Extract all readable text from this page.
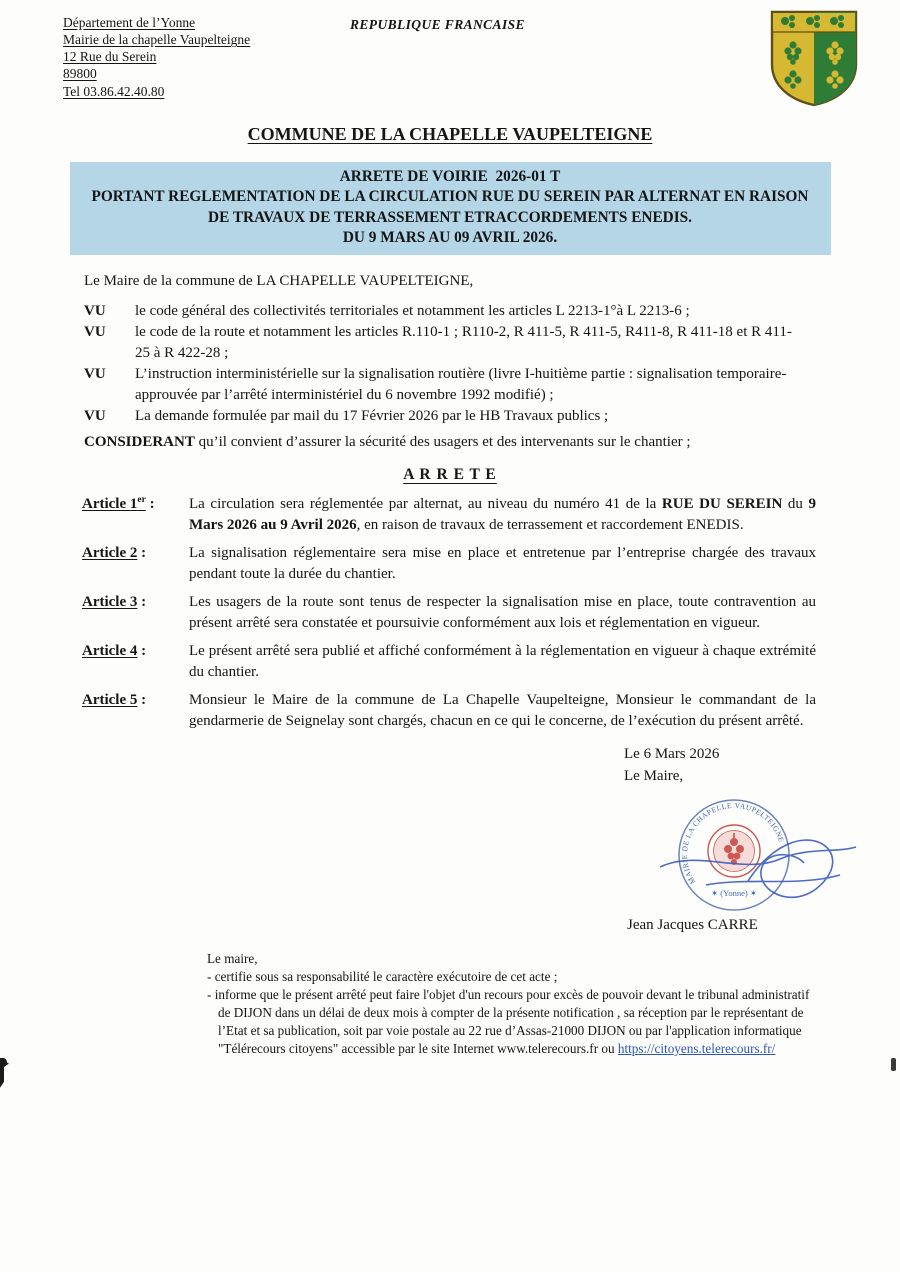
Département de l’Yonne
Mairie de la chapelle Vaupelteigne
12 Rue du Serein
89800
Tel 03.86.42.40.80
REPUBLIQUE FRANCAISE
COMMUNE DE LA CHAPELLE VAUPELTEIGNE
ARRETE DE VOIRIE  2026-01 T
PORTANT REGLEMENTATION DE LA CIRCULATION RUE DU SEREIN PAR ALTERNAT EN RAISON DE TRAVAUX DE TERRASSEMENT ETRACCORDEMENTS ENEDIS.
DU 9 MARS AU 09 AVRIL 2026.

Le Maire de la commune de LA CHAPELLE VAUPELTEIGNE,

VU	le code général des collectivités territoriales et notamment les articles L 2213-1°à L 2213-6 ;
VU	le code de la route et notamment les articles R.110-1 ; R110-2, R 411-5, R 411-5, R411-8, R 411-18 et R 411-25 à R 422-28 ;
VU	L’instruction interministérielle sur la signalisation routière (livre I-huitième partie : signalisation temporaire-approuvée par l’arrêté interministériel du 6 novembre 1992 modifié) ;
VU	La demande formulée par mail du 17 Février 2026 par le HB Travaux publics ;

CONSIDERANT qu’il convient d’assurer la sécurité des usagers et des intervenants sur le chantier ;

A R R E T E
Article 1er :	La circulation sera réglementée par alternat, au niveau du numéro 41 de la RUE DU SEREIN du 9 Mars 2026 au 9 Avril 2026, en raison de travaux de terrassement et raccordement ENEDIS.
Article 2 :	La signalisation réglementaire sera mise en place et entretenue par l’entreprise chargée des travaux pendant toute la durée du chantier.
Article 3 :	Les usagers de la route sont tenus de respecter la signalisation mise en place, toute contravention au présent arrêté sera constatée et poursuivie conformément aux lois et réglementation en vigueur.
Article 4 :	Le présent arrêté sera publié et affiché conformément à la réglementation en vigueur à chaque extrémité du chantier.
Article 5 :	Monsieur le Maire de la commune de La Chapelle Vaupelteigne, Monsieur le commandant de la gendarmerie de Seignelay sont chargés, chacun en ce qui le concerne, de l’exécution du présent arrêté.
Le 6 Mars 2026
Le Maire,
MAIRIE DE LA CHAPELLE VAUPELTEIGNE
✶ (Yonne) ✶
Jean Jacques CARRE

Le maire,

- certifie sous sa responsabilité le caractère exécutoire de cet acte ;

- informe que le présent arrêté peut faire l'objet d'un recours pour excès de pouvoir devant le tribunal administratif de DIJON dans un délai de deux mois à compter de la présente notification , sa réception par le représentant de l’Etat et sa publication, soit par voie postale au 22 rue d’Assas-21000 DIJON ou par l'application informatique "Télérecours citoyens" accessible par le site Internet www.telerecours.fr ou https://citoyens.telerecours.fr/
